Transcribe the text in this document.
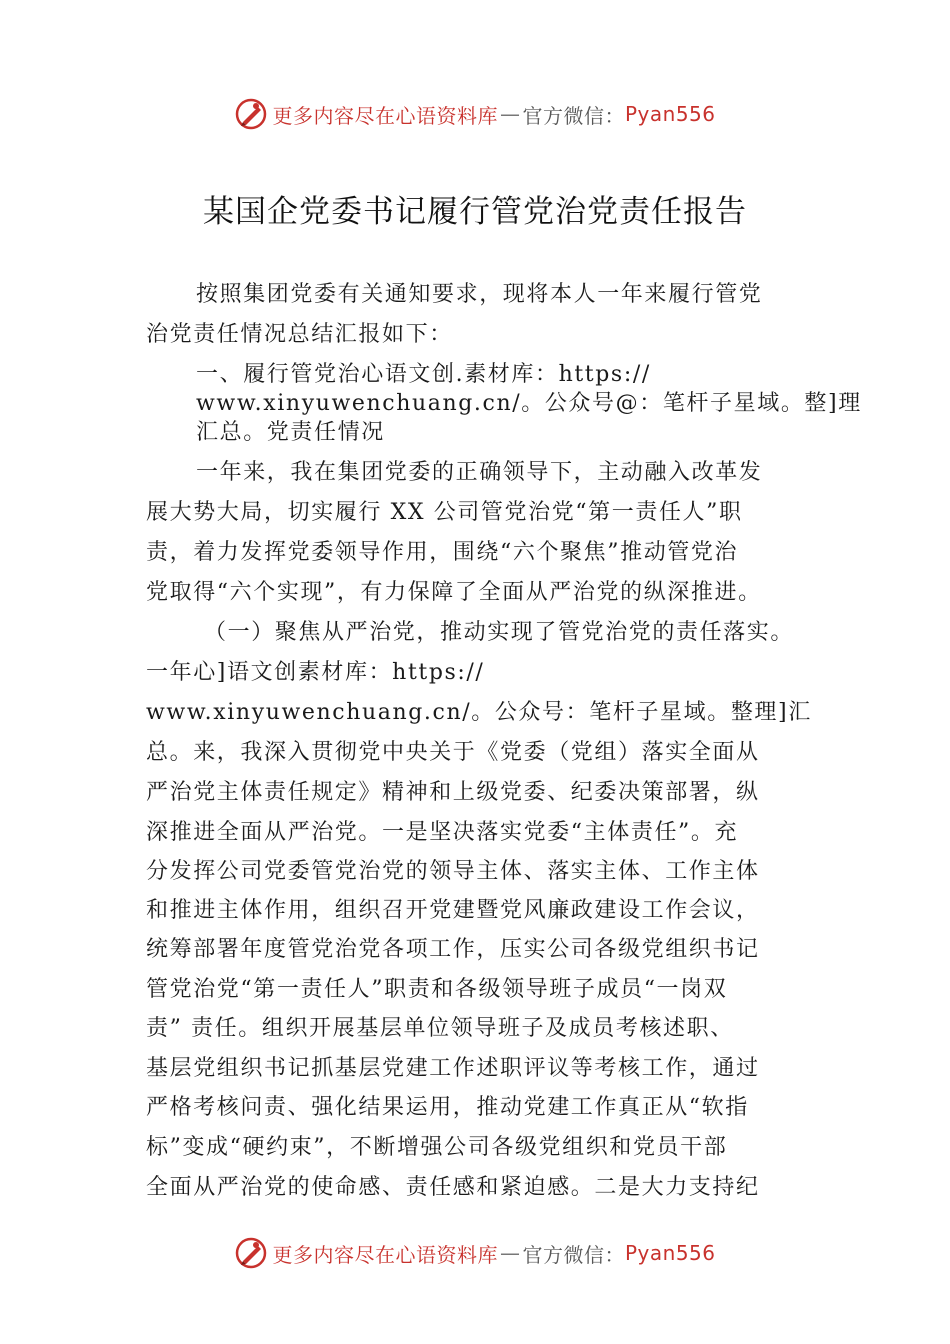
更多内容尽在心语资料库 — 官方微信： Pyan556
某国企党委书记履行管党治党责任报告
按照集团党委有关通知要求，现将本人一年来履行管党
治党责任情况总结汇报如下：
一、履行管党治心语文创.素材库：https://
www.xinyuwenchuang.cn/。公众号@：笔杆子星域。整]理
汇总。党责任情况
一年来，我在集团党委的正确领导下，主动融入改革发
展大势大局，切实履行 XX 公司管党治党“第一责任人”职
责，着力发挥党委领导作用，围绕“六个聚焦”推动管党治
党取得“六个实现”，有力保障了全面从严治党的纵深推进。
（一）聚焦从严治党，推动实现了管党治党的责任落实。
一年心]语文创素材库：https://
www.xinyuwenchuang.cn/。公众号：笔杆子星域。整理]汇
总。来，我深入贯彻党中央关于《党委（党组）落实全面从
严治党主体责任规定》精神和上级党委、纪委决策部署，纵
深推进全面从严治党。一是坚决落实党委“主体责任”。充
分发挥公司党委管党治党的领导主体、落实主体、工作主体
和推进主体作用，组织召开党建暨党风廉政建设工作会议，
统筹部署年度管党治党各项工作，压实公司各级党组织书记
管党治党“第一责任人”职责和各级领导班子成员“一岗双
责” 责任。组织开展基层单位领导班子及成员考核述职、
基层党组织书记抓基层党建工作述职评议等考核工作，通过
严格考核问责、强化结果运用，推动党建工作真正从“软指
标”变成“硬约束”，不断增强公司各级党组织和党员干部
全面从严治党的使命感、责任感和紧迫感。二是大力支持纪
更多内容尽在心语资料库 — 官方微信： Pyan556
